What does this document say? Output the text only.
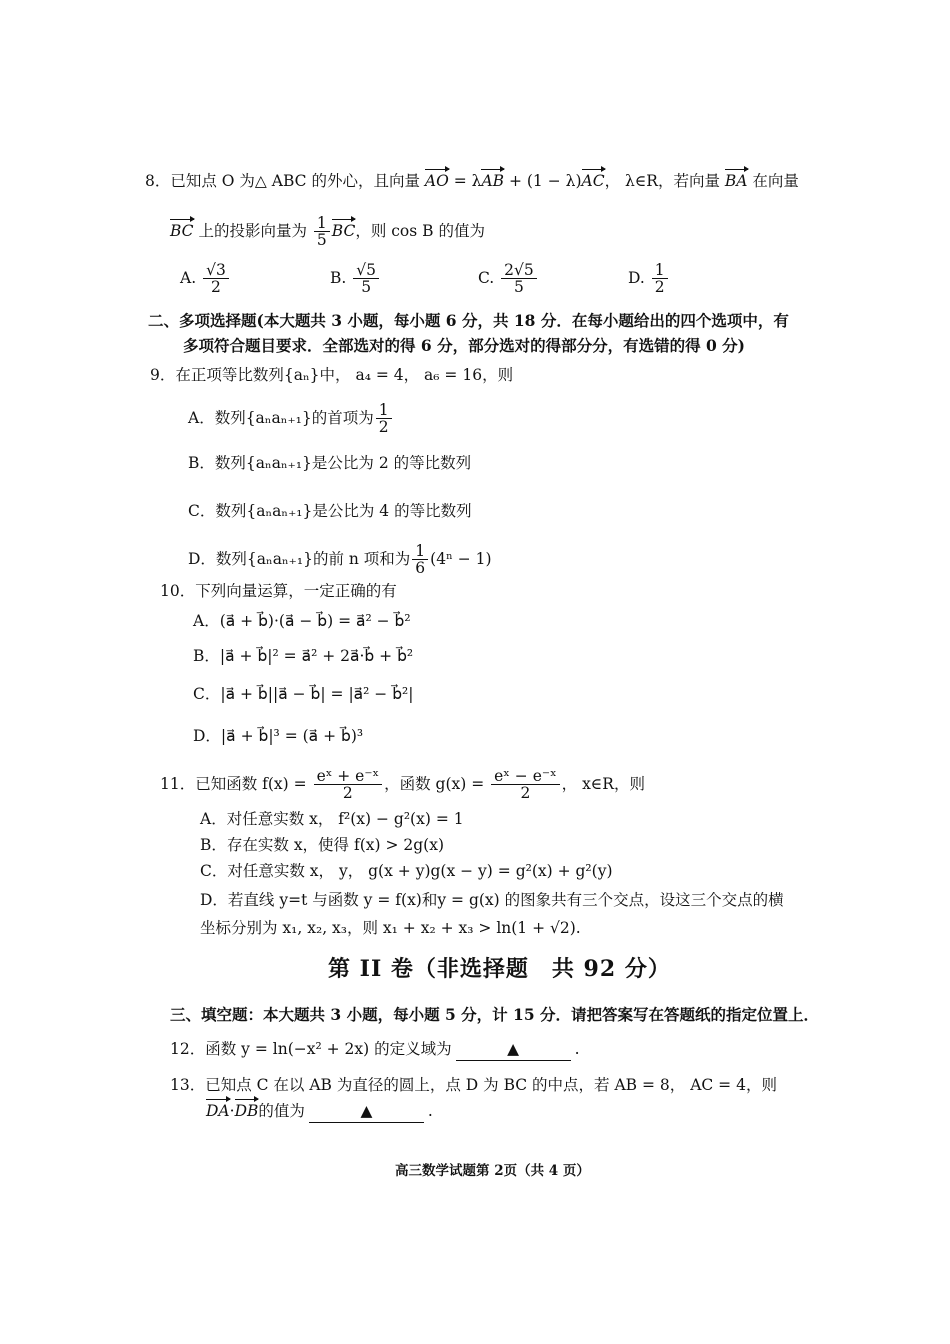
8．已知点 O 为△ ABC 的外心，且向量 AO = λAB + (1 − λ)AC， λ∈R，若向量 BA 在向量
BC 上的投影向量为 $\frac{1}{5}$ BC，则 cos B 的值为
A. $\frac{√3}{2}$	B. $\frac{√5}{5}$	C. $\frac{2√5}{5}$	D. $\frac{1}{2}$
二、多项选择题(本大题共 3 小题，每小题 6 分，共 18 分．在每小题给出的四个选项中，有
多项符合题目要求．全部选对的得 6 分，部分选对的得部分分，有选错的得 0 分)
9．在正项等比数列{aₙ}中， a₄ = 4， a₆ = 16，则
A．数列{aₙaₙ₊₁}的首项为 $\frac{1}{2}$
B．数列{aₙaₙ₊₁}是公比为 2 的等比数列
C．数列{aₙaₙ₊₁}是公比为 4 的等比数列
D．数列{aₙaₙ₊₁}的前 n 项和为 $\frac{1}{6} (4^n - 1)$
10．下列向量运算，一定正确的有
A．(a⃗ + b⃗)·(a⃗ − b⃗) = a⃗² − b⃗²
B．|a⃗ + b⃗|² = a⃗² + 2a⃗·b⃗ + b⃗²
C．|a⃗ + b⃗||a⃗ − b⃗| = |a⃗² − b⃗²|
D．|a⃗ + b⃗|³ = (a⃗ + b⃗)³
11．已知函数 $f(x) = \frac{\text{eˣ + e⁻ˣ}}{2}$ ，函数 $g(x) = \frac{\text{eˣ − e⁻ˣ}}{2}$ ， x∈R，则
A．对任意实数 x， f²(x) − g²(x) = 1
B．存在实数 x，使得 f(x) > 2g(x)
C．对任意实数 x， y， g(x + y)g(x − y) = g²(x) + g²(y)
D．若直线 y=t 与函数 y = f(x)和y = g(x) 的图象共有三个交点，设这三个交点的横
坐标分别为 x₁, x₂, x₃，则 x₁ + x₂ + x₃ > ln(1 + √2).
第 II 卷（非选择题　共 92 分）
三、填空题：本大题共 3 小题，每小题 5 分，计 15 分．请把答案写在答题纸的指定位置上．
12．函数 y = ln(−x² + 2x) 的定义域为	▲	.
13．已知点 C 在以 AB 为直径的圆上，点 D 为 BC 的中点，若 AB = 8， AC = 4，则
DA·DB的值为	▲	.
高三数学试题第 2页（共 4 页）
